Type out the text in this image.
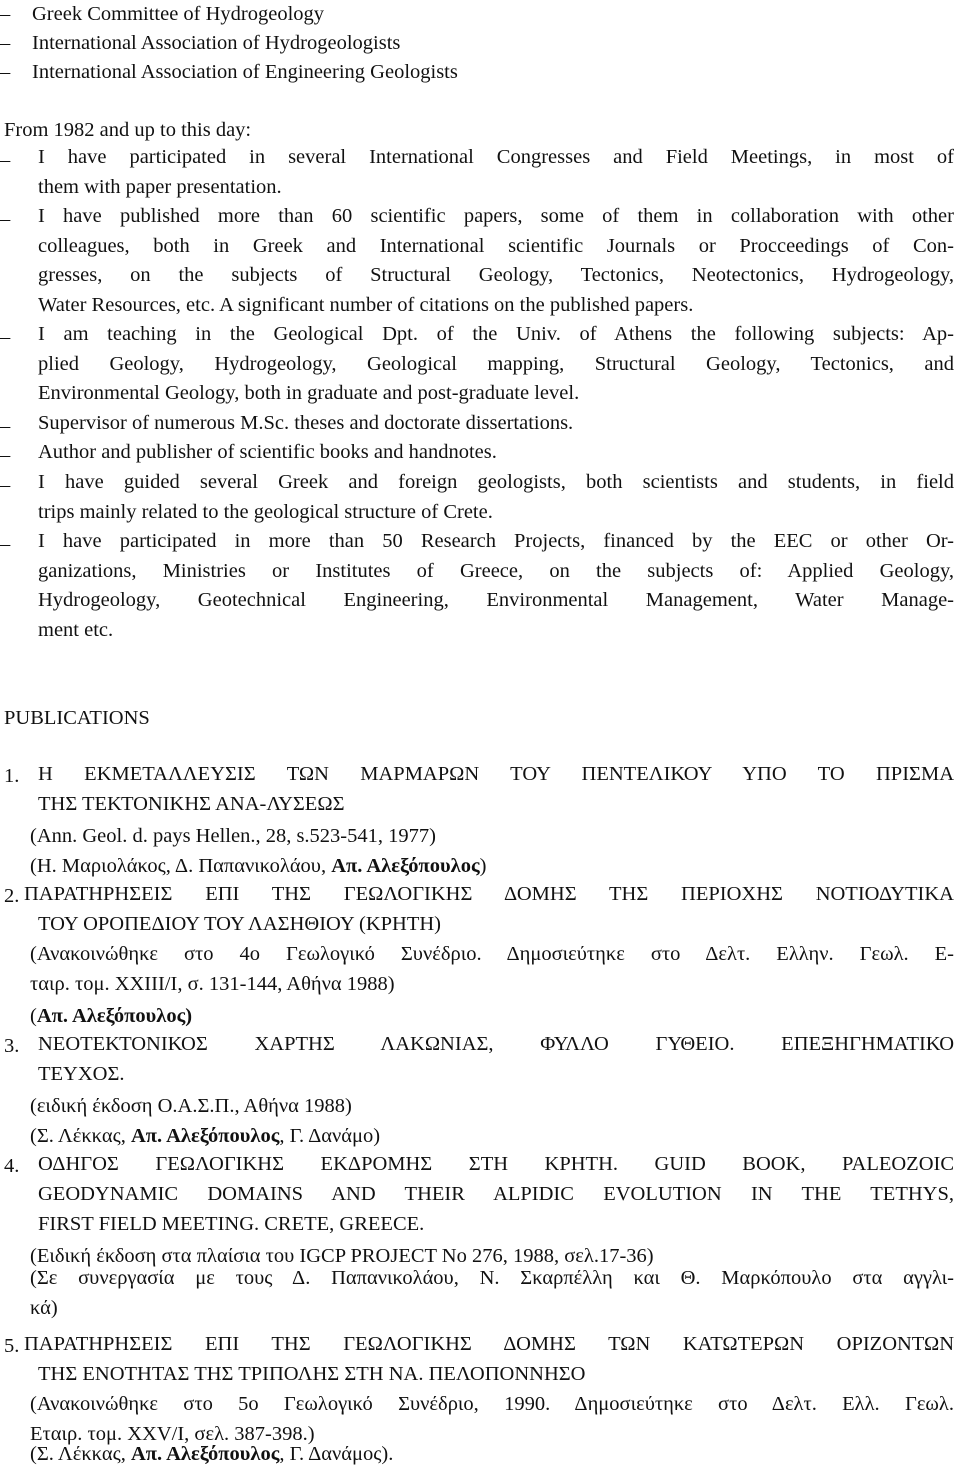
– Greek Committee of Hydrogeology
– International Association of Hydrogeologists
– International Association of Engineering Geologists
From 1982 and up to this day:
– I have participated in several International Congresses and Field Meetings, in most of
them with paper presentation.
– I have published more than 60 scientific papers, some of them in collaboration with other
colleagues, both in Greek and International scientific Journals or Procceedings of Con-
gresses, on the subjects of Structural Geology, Tectonics, Neotectonics, Hydrogeology,
Water Resources, etc. A significant number of citations on the published papers.
– I am teaching in the Geological Dpt. of the Univ. of Athens the following subjects: Ap-
plied Geology, Hydrogeology, Geological mapping, Structural Geology, Tectonics, and
Environmental Geology, both in graduate and post-graduate level.
– Supervisor of numerous M.Sc. theses and doctorate dissertations.
– Author and publisher of scientific books and handnotes.
– I have guided several Greek and foreign geologists, both scientists and students, in field
trips mainly related to the geological structure of Crete.
– I have participated in more than 50 Research Projects, financed by the EEC or other Or-
ganizations, Ministries or Institutes of Greece, on the subjects of: Applied Geology,
Hydrogeology, Geotechnical Engineering, Environmental Management, Water Manage-
ment etc.
PUBLICATIONS
1. Η ΕΚΜΕΤΑΛΛΕΥΣΙΣ ΤΩΝ ΜΑΡΜΑΡΩΝ ΤΟΥ ΠΕΝΤΕΛΙΚΟΥ ΥΠΟ ΤΟ ΠΡΙΣΜΑ
ΤΗΣ ΤΕΚΤΟΝΙΚΗΣ ΑΝΑ-ΛΥΣΕΩΣ
(Ann. Geol. d. pays Hellen., 28, s.523-541, 1977)
(Η. Μαριολάκος, Δ. Παπανικολάου, Απ. Αλεξόπουλος)
2. ΠΑΡΑΤΗΡΗΣΕΙΣ ΕΠΙ ΤΗΣ ΓΕΩΛΟΓΙΚΗΣ ΔΟΜΗΣ ΤΗΣ ΠΕΡΙΟΧΗΣ ΝΟΤΙΟΔΥΤΙΚΑ
ΤΟΥ ΟΡΟΠΕΔΙΟΥ ΤΟΥ ΛΑΣΗΘΙΟΥ (ΚΡΗΤΗ)
(Ανακοινώθηκε στο 4ο Γεωλογικό Συνέδριο. Δημοσιεύτηκε στο Δελτ. Ελλην. Γεωλ. Ε-
ταιρ. τομ. XXIII/I, σ. 131-144, Αθήνα 1988)
(Απ. Αλεξόπουλος)
3. ΝΕΟΤΕΚΤΟΝΙΚΟΣ ΧΑΡΤΗΣ ΛΑΚΩΝΙΑΣ, ΦΥΛΛΟ ΓΥΘΕΙΟ. ΕΠΕΞΗΓΗΜΑΤΙΚΟ
ΤΕΥΧΟΣ.
(ειδική έκδοση Ο.Α.Σ.Π., Αθήνα 1988)
(Σ. Λέκκας, Απ. Αλεξόπουλος, Γ. Δανάμο)
4. ΟΔΗΓΟΣ ΓΕΩΛΟΓΙΚΗΣ ΕΚΔΡΟΜΗΣ ΣΤΗ ΚΡΗΤΗ. GUID BOOK, PALEOZOIC
GEODYNAMIC DOMAINS AND THEIR ALPIDIC EVOLUTION IN THE TETHYS,
FIRST FIELD MEETING. CRETE, GREECE.
(Ειδική έκδοση στα πλαίσια του IGCP PROJECT No 276, 1988, σελ.17-36)
(Σε συνεργασία με τους Δ. Παπανικολάου, Ν. Σκαρπέλλη και Θ. Μαρκόπουλο στα αγγλι-
κά)
5. ΠΑΡΑΤΗΡΗΣΕΙΣ ΕΠΙ ΤΗΣ ΓΕΩΛΟΓΙΚΗΣ ΔΟΜΗΣ ΤΩΝ ΚΑΤΩΤΕΡΩΝ ΟΡΙΖΟΝΤΩΝ
ΤΗΣ ΕΝΟΤΗΤΑΣ ΤΗΣ ΤΡΙΠΟΛΗΣ ΣΤΗ ΝΑ. ΠΕΛΟΠΟΝΝΗΣΟ
(Ανακοινώθηκε στο 5ο Γεωλογικό Συνέδριο, 1990. Δημοσιεύτηκε στο Δελτ. Ελλ. Γεωλ.
Εταιρ. τομ. XXV/I, σελ. 387-398.)
(Σ. Λέκκας, Απ. Αλεξόπουλος, Γ. Δανάμος).
